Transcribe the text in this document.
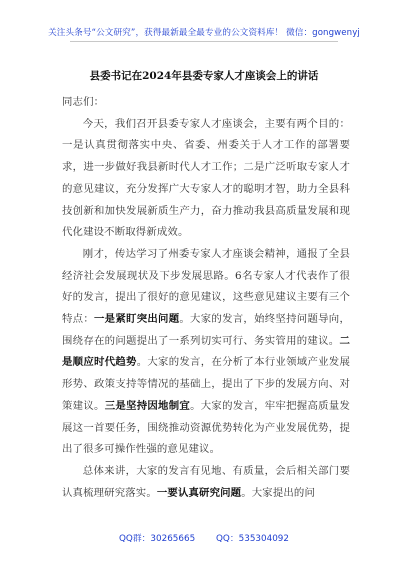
关注头条号“公文研究”，获得最新最全最专业的公文资料库！ 微信：gongwenyj
县委书记在2024年县委专家人才座谈会上的讲话

同志们：

今天，我们召开县委专家人才座谈会，主要有两个目的：一是认真贯彻落实中央、省委、州委关于人才工作的部署要求，进一步做好我县新时代人才工作；二是广泛听取专家人才的意见建议，充分发挥广大专家人才的聪明才智，助力全县科技创新和加快发展新质生产力，奋力推动我县高质量发展和现代化建设不断取得新成效。

刚才，传达学习了州委专家人才座谈会精神，通报了全县经济社会发展现状及下步发展思路。6名专家人才代表作了很好的发言，提出了很好的意见建议，这些意见建议主要有三个特点：一是紧盯突出问题。大家的发言，始终坚持问题导向，围绕存在的问题提出了一系列切实可行、务实管用的建议。二是顺应时代趋势。大家的发言，在分析了本行业领域产业发展形势、政策支持等情况的基础上，提出了下步的发展方向、对策建议。三是坚持因地制宜。大家的发言，牢牢把握高质量发展这一首要任务，围绕推动资源优势转化为产业发展优势，提出了很多可操作性强的意见建议。

总体来讲，大家的发言有见地、有质量，会后相关部门要认真梳理研究落实。一要认真研究问题。大家提出的问

QQ群：30265665 QQ：535304092
